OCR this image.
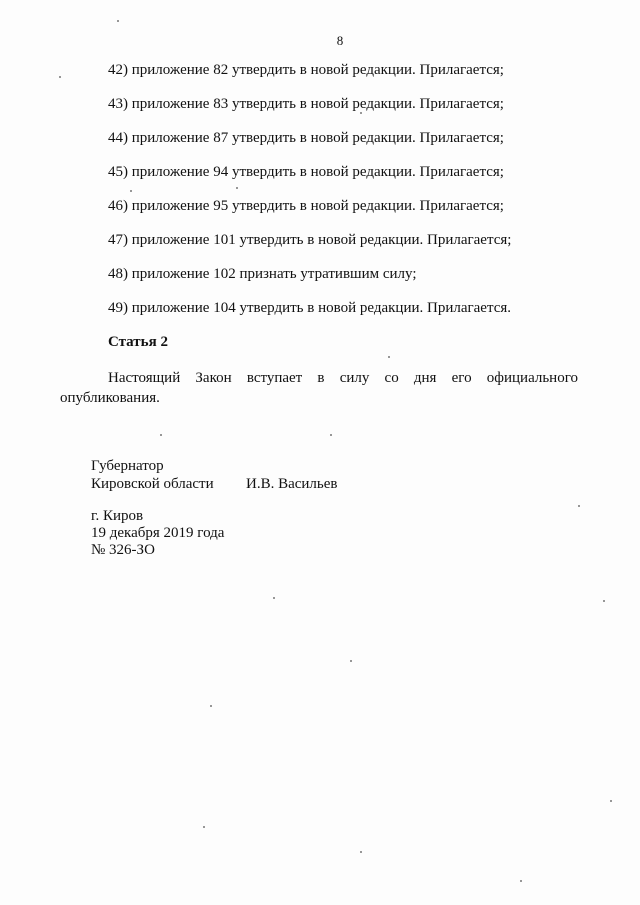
8
42) приложение 82 утвердить в новой редакции. Прилагается;
43) приложение 83 утвердить в новой редакции. Прилагается;
44) приложение 87 утвердить в новой редакции. Прилагается;
45) приложение 94 утвердить в новой редакции. Прилагается;
46) приложение 95 утвердить в новой редакции. Прилагается;
47) приложение 101 утвердить в новой редакции. Прилагается;
48) приложение 102 признать утратившим силу;
49) приложение 104 утвердить в новой редакции. Прилагается.
Статья 2

Настоящий Закон вступает в силу со дня его официального
опубликования.

Губернатор
Кировской области И.В. Васильев
г. Киров
19 декабря 2019 года
№ 326-ЗО
